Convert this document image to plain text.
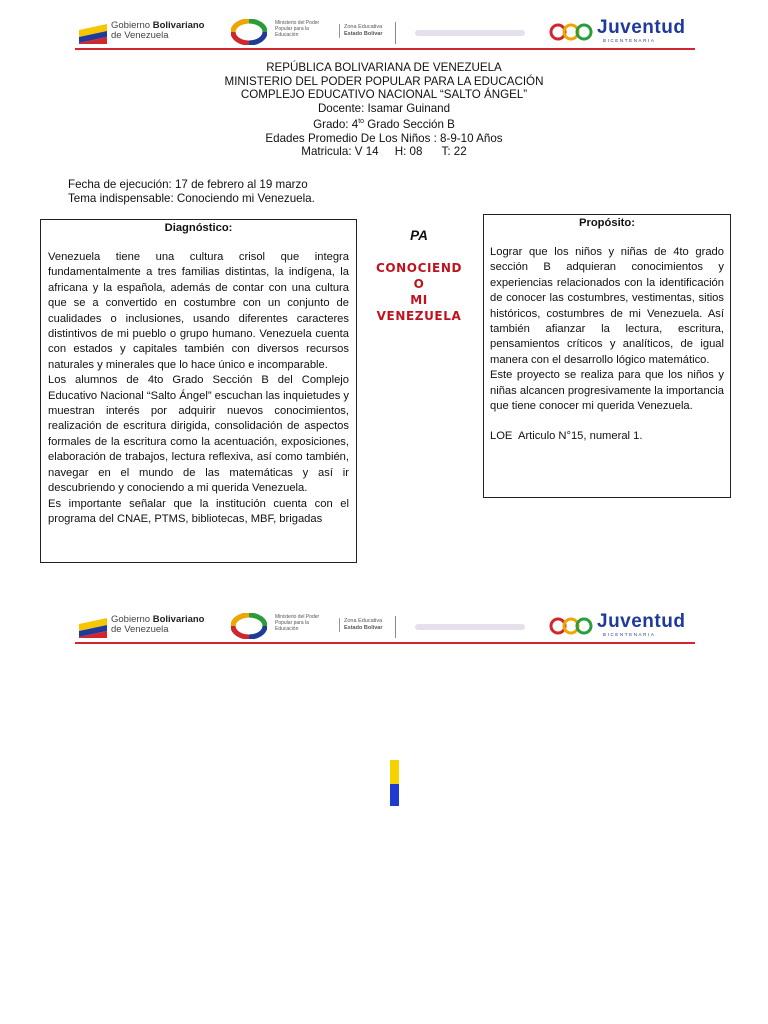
Gobierno Bolivariano
de Venezuela
Ministerio del Poder Popular para la Educación
Zona Educativa
Estado Bolívar	Juventud
BICENTENARIA
REPÚBLICA BOLIVARIANA DE VENEZUELA
MINISTERIO DEL PODER POPULAR PARA LA EDUCACIÓN
COMPLEJO EDUCATIVO NACIONAL “SALTO ÁNGEL”
Docente: Isamar Guinand
Grado: $4^{to}$ Grado Sección B
Edades Promedio De Los Niños : 8-9-10 Años
Matricula: V 14     H: 08      T: 22
Fecha de ejecución: 17 de febrero al 19 marzo
Tema indispensable: Conociendo mi Venezuela.
Diagnóstico:

Venezuela tiene una cultura crisol que integra fundamentalmente a tres familias distintas, la indígena, la africana y la española, además de contar con una cultura que se a convertido en costumbre con un conjunto de cualidades o inclusiones, usando diferentes caracteres distintivos de mi pueblo o grupo humano. Venezuela cuenta con estados y capitales también con diversos recursos naturales y minerales que lo hace único e incomparable.

Los alumnos de 4to Grado Sección B del Complejo Educativo Nacional “Salto Ángel” escuchan las inquietudes y muestran interés por adquirir nuevos conocimientos, realización de escritura dirigida, consolidación de aspectos formales de la escritura como la acentuación, exposiciones, elaboración de trabajos, lectura reflexiva, así como también, navegar en el mundo de las matemáticas y así ir descubriendo y conociendo a mi querida Venezuela.

Es importante señalar que la institución cuenta con el programa del CNAE, PTMS, bibliotecas, MBF, brigadas

PA
CONOCIEND
O
MI
VENEZUELA
Propósito:

Lograr que los niños y niñas de 4to grado sección B adquieran conocimientos y experiencias relacionados con la identificación de conocer las costumbres, vestimentas, sitios históricos, costumbres de mi Venezuela. Así también afianzar la lectura, escritura, pensamientos críticos y analíticos, de igual manera con el desarrollo lógico matemático.

Este proyecto se realiza para que los niños y niñas alcancen progresivamente la importancia que tiene conocer mi querida Venezuela.

LOE  Articulo N°15, numeral 1.

Gobierno Bolivariano
de Venezuela
Ministerio del Poder Popular para la Educación
Zona Educativa
Estado Bolívar	Juventud
BICENTENARIA
